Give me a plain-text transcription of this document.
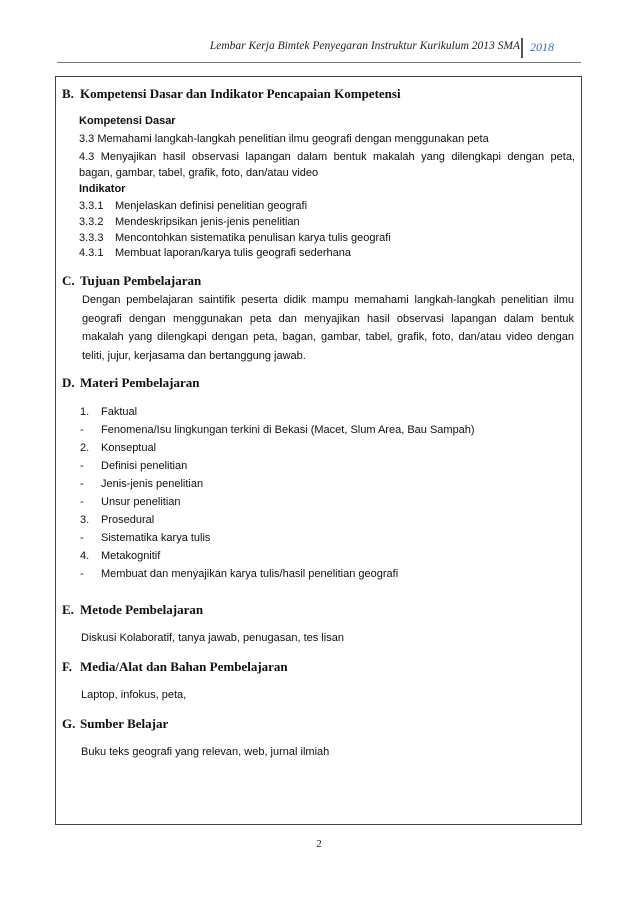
Lembar Kerja Bimtek Penyegaran Instruktur Kurikulum 2013 SMA 2018
B. Kompetensi Dasar dan Indikator Pencapaian Kompetensi
Kompetensi Dasar
3.3 Memahami langkah-langkah penelitian ilmu geografi dengan menggunakan peta
4.3 Menyajikan hasil observasi lapangan dalam bentuk makalah yang dilengkapi dengan peta,
bagan, gambar, tabel, grafik, foto, dan/atau video
Indikator
3.3.1 Menjelaskan definisi penelitian geografi
3.3.2 Mendeskripsikan jenis-jenis penelitian
3.3.3 Mencontohkan sistematika penulisan karya tulis geografi
4.3.1 Membuat laporan/karya tulis geografi sederhana
C. Tujuan Pembelajaran
Dengan pembelajaran saintifik peserta didik mampu memahami langkah-langkah penelitian ilmu geografi dengan menggunakan peta dan menyajikan hasil observasi lapangan dalam bentuk makalah yang dilengkapi dengan peta, bagan, gambar, tabel, grafik, foto, dan/atau video dengan teliti, jujur, kerjasama dan bertanggung jawab.
D. Materi Pembelajaran
1. Faktual
- Fenomena/Isu lingkungan terkini di Bekasi (Macet, Slum Area, Bau Sampah)
2. Konseptual
- Definisi penelitian
- Jenis-jenis penelitian
- Unsur penelitian
3. Prosedural
- Sistematika karya tulis
4. Metakognitif
- Membuat dan menyajikan karya tulis/hasil penelitian geografi
E. Metode Pembelajaran
Diskusi Kolaboratif, tanya jawab, penugasan, tes lisan
F. Media/Alat dan Bahan Pembelajaran
Laptop, infokus, peta,
G. Sumber Belajar
Buku teks geografi yang relevan, web, jurnal ilmiah
2
